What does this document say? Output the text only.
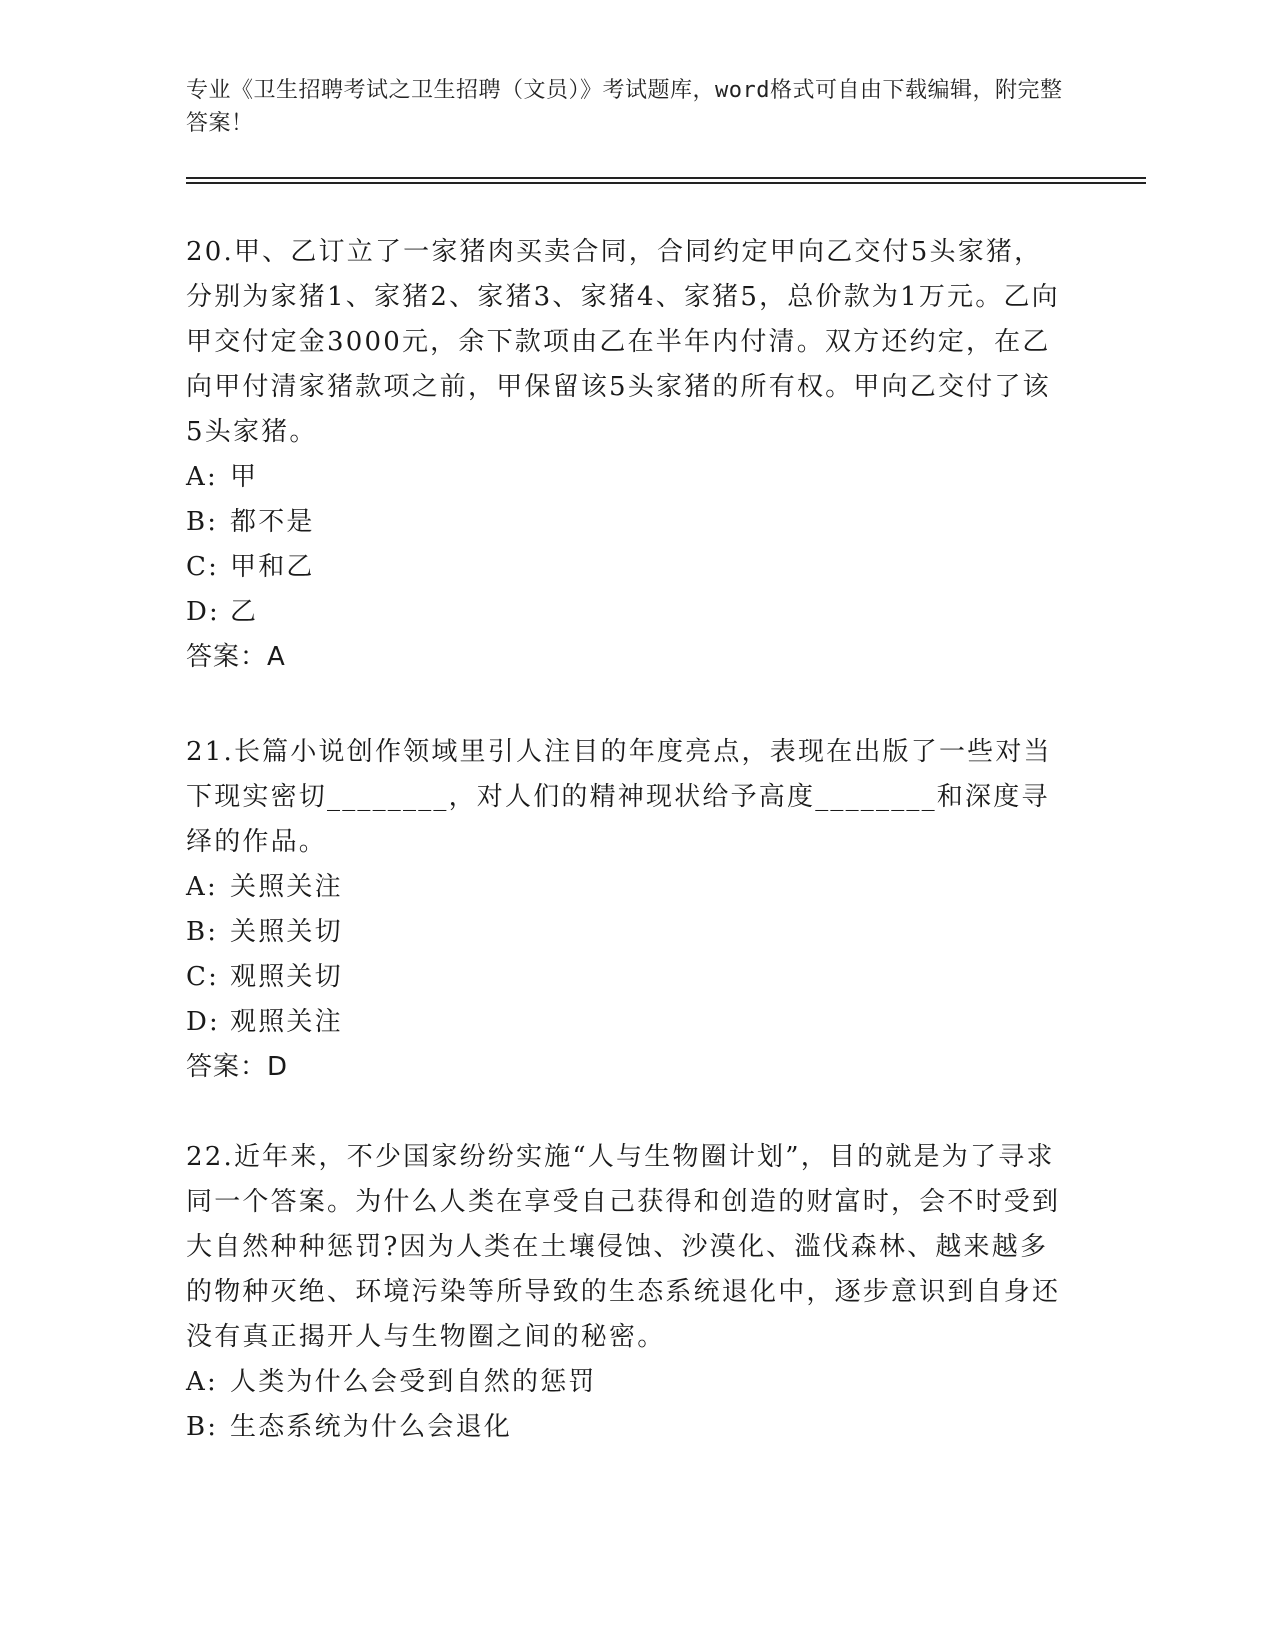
专业《卫生招聘考试之卫生招聘（文员）》考试题库，word格式可自由下载编辑，附完整答案！

20.甲、乙订立了一家猪肉买卖合同，合同约定甲向乙交付5头家猪，分别为家猪1、家猪2、家猪3、家猪4、家猪5，总价款为1万元。乙向甲交付定金3000元，余下款项由乙在半年内付清。双方还约定，在乙向甲付清家猪款项之前，甲保留该5头家猪的所有权。甲向乙交付了该5头家猪。

A: 甲

B: 都不是

C: 甲和乙

D: 乙

答案：A

21.长篇小说创作领域里引人注目的年度亮点，表现在出版了一些对当下现实密切________，对人们的精神现状给予高度________和深度寻绎的作品。

A: 关照关注

B: 关照关切

C: 观照关切

D: 观照关注

答案：D

22.近年来，不少国家纷纷实施“人与生物圈计划”，目的就是为了寻求同一个答案。为什么人类在享受自己获得和创造的财富时，会不时受到大自然种种惩罚?因为人类在土壤侵蚀、沙漠化、滥伐森林、越来越多的物种灭绝、环境污染等所导致的生态系统退化中，逐步意识到自身还没有真正揭开人与生物圈之间的秘密。

A: 人类为什么会受到自然的惩罚

B: 生态系统为什么会退化
